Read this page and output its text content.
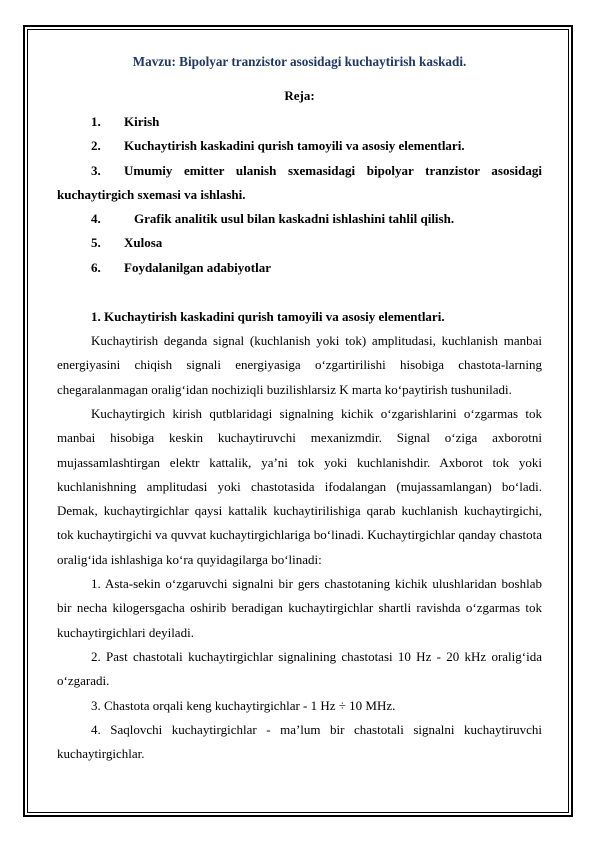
Mavzu: Bipolyar tranzistor asosidagi kuchaytirish kaskadi.

Reja:

1. Kirish
2. Kuchaytirish kaskadini qurish tamoyili va asosiy elementlari.
3. Umumiy emitter ulanish sxemasidagi bipolyar tranzistor asosidagi
kuchaytirgich sxemasi va ishlashi.
4.	Grafik analitik usul bilan kaskadni ishlashini tahlil qilish.
5. Xulosa
6. Foydalanilgan adabiyotlar

1. Kuchaytirish kaskadini qurish tamoyili va asosiy elementlari.

Kuchaytirish deganda signal (kuchlanish yoki tok) amplitudasi, kuchlanish manbai energiyasini chiqish signali energiyasiga o‘zgartirilishi hisobiga chastota-larning chegaralanmagan oralig‘idan nochiziqli buzilishlarsiz K marta ko‘paytirish tushuniladi.

Kuchaytirgich kirish qutblaridagi signalning kichik o‘zgarishlarini o‘zgarmas tok manbai hisobiga keskin kuchaytiruvchi mexanizmdir. Signal o‘ziga axborotni mujassamlashtirgan elektr kattalik, ya’ni tok yoki kuchlanishdir. Axborot tok yoki kuchlanishning amplitudasi yoki chastotasida ifodalangan (mujassamlangan) bo‘ladi. Demak, kuchaytirgichlar qaysi kattalik kuchaytirilishiga qarab kuchlanish kuchaytirgichi, tok kuchaytirgichi va quvvat kuchaytirgichlariga bo‘linadi. Kuchaytirgichlar qanday chastota oralig‘ida ishlashiga ko‘ra quyidagilarga bo‘linadi:

1. Asta-sekin o‘zgaruvchi signalni bir gers chastotaning kichik ulushlaridan boshlab bir necha kilogersgacha oshirib beradigan kuchaytirgichlar shartli ravishda o‘zgarmas tok kuchaytirgichlari deyiladi.

2. Past chastotali kuchaytirgichlar signalining chastotasi 10 Hz - 20 kHz oralig‘ida o‘zgaradi.

3. Chastota orqali keng kuchaytirgichlar - 1 Hz ÷ 10 MHz.

4. Saqlovchi kuchaytirgichlar - ma’lum bir chastotali signalni kuchaytiruvchi kuchaytirgichlar.
